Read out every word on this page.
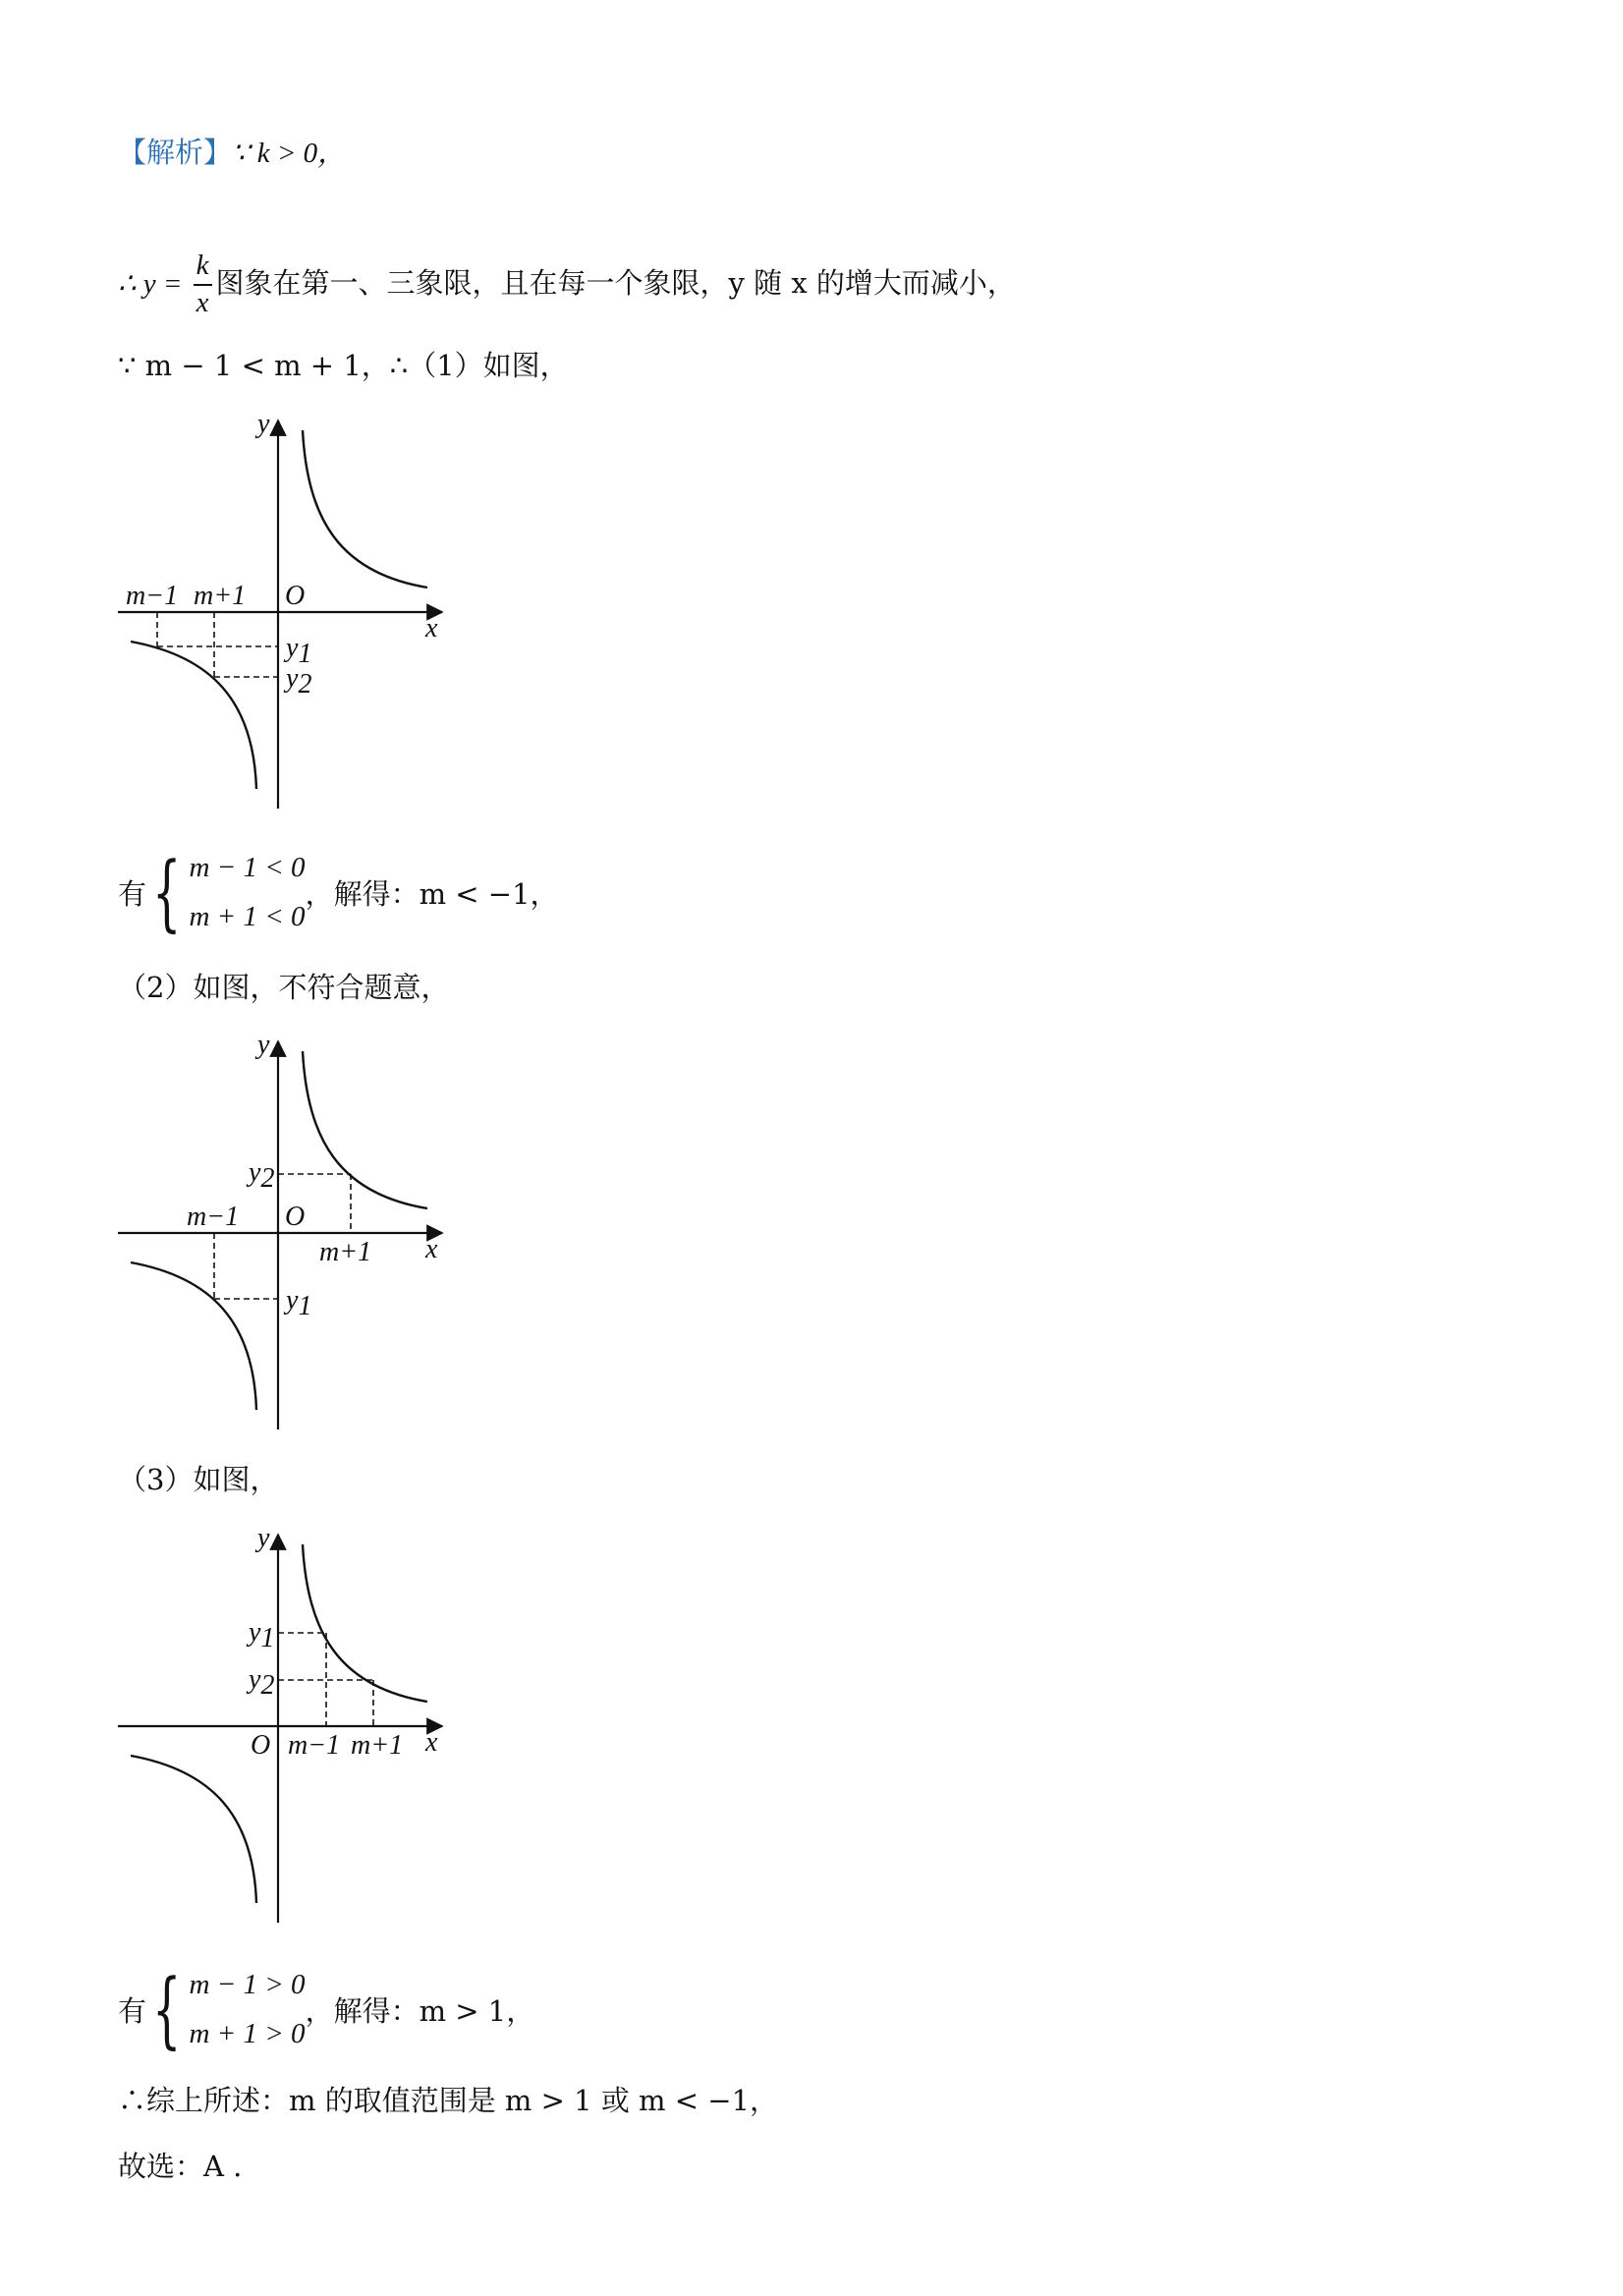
【解析】∵ k > 0，
∴ $y = \frac{k}{x}$ 图象在第一、三象限，且在每一个象限，y 随 x 的增大而减小，
∵ m − 1 < m + 1，∴（1）如图，
y
x
O
m−1 m+1
y1
y2
有 { m − 1 < 0
m + 1 < 0
，解得：m < −1，
（2）如图，不符合题意，
y
x
O
m−1
m+1
y1
y2
（3）如图，
y
x
O m−1 m+1
y1
y2
有 { m − 1 > 0
m + 1 > 0
，解得：m > 1，
∴综上所述：m 的取值范围是 m > 1 或 m < −1，
故选：A .
